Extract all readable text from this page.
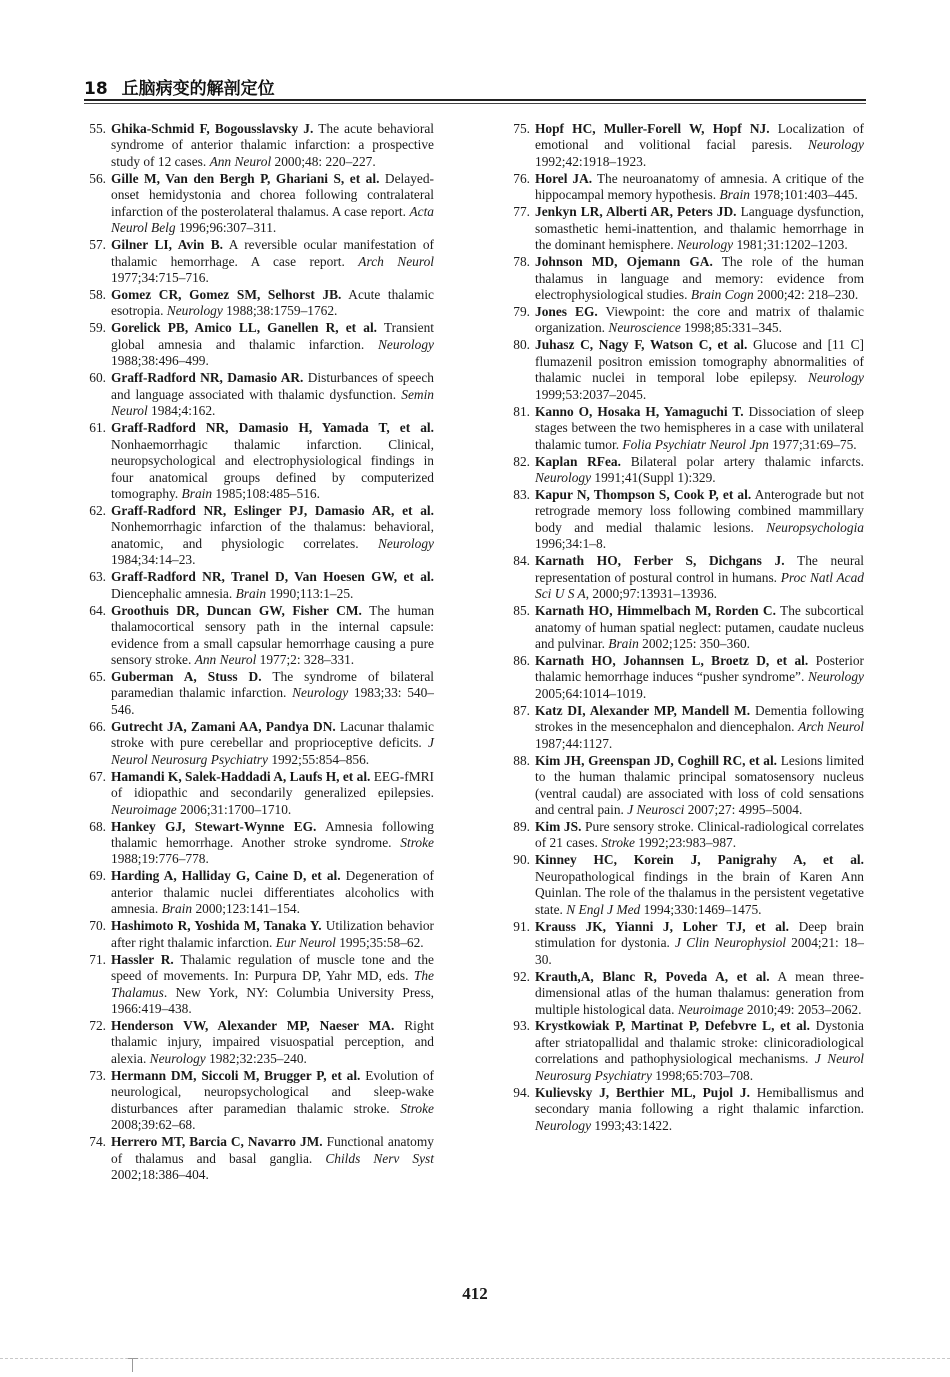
18 丘脑病变的解剖定位
55. Ghika-Schmid F, Bogousslavsky J. The acute behavioral syndrome of anterior thalamic infarction: a prospective study of 12 cases. Ann Neurol 2000;48: 220–227.
56. Gille M, Van den Bergh P, Ghariani S, et al. Delayed-onset hemidystonia and chorea following contralateral infarction of the posterolateral thalamus. A case report. Acta Neurol Belg 1996;96:307–311.
57. Gilner LI, Avin B. A reversible ocular manifestation of thalamic hemorrhage. A case report. Arch Neurol 1977;34:715–716.
58. Gomez CR, Gomez SM, Selhorst JB. Acute thalamic esotropia. Neurology 1988;38:1759–1762.
59. Gorelick PB, Amico LL, Ganellen R, et al. Transient global amnesia and thalamic infarction. Neurology 1988;38:496–499.
60. Graff-Radford NR, Damasio AR. Disturbances of speech and language associated with thalamic dysfunction. Semin Neurol 1984;4:162.
61. Graff-Radford NR, Damasio H, Yamada T, et al. Nonhaemorrhagic thalamic infarction. Clinical, neuropsychological and electrophysiological findings in four anatomical groups defined by computerized tomography. Brain 1985;108:485–516.
62. Graff-Radford NR, Eslinger PJ, Damasio AR, et al. Nonhemorrhagic infarction of the thalamus: behavioral, anatomic, and physiologic correlates. Neurology 1984;34:14–23.
63. Graff-Radford NR, Tranel D, Van Hoesen GW, et al. Diencephalic amnesia. Brain 1990;113:1–25.
64. Groothuis DR, Duncan GW, Fisher CM. The human thalamocortical sensory path in the internal capsule: evidence from a small capsular hemorrhage causing a pure sensory stroke. Ann Neurol 1977;2: 328–331.
65. Guberman A, Stuss D. The syndrome of bilateral paramedian thalamic infarction. Neurology 1983;33: 540–546.
66. Gutrecht JA, Zamani AA, Pandya DN. Lacunar thalamic stroke with pure cerebellar and proprioceptive deficits. J Neurol Neurosurg Psychiatry 1992;55:854–856.
67. Hamandi K, Salek-Haddadi A, Laufs H, et al. EEG-fMRI of idiopathic and secondarily generalized epilepsies. Neuroimage 2006;31:1700–1710.
68. Hankey GJ, Stewart-Wynne EG. Amnesia following thalamic hemorrhage. Another stroke syndrome. Stroke 1988;19:776–778.
69. Harding A, Halliday G, Caine D, et al. Degeneration of anterior thalamic nuclei differentiates alcoholics with amnesia. Brain 2000;123:141–154.
70. Hashimoto R, Yoshida M, Tanaka Y. Utilization behavior after right thalamic infarction. Eur Neurol 1995;35:58–62.
71. Hassler R. Thalamic regulation of muscle tone and the speed of movements. In: Purpura DP, Yahr MD, eds. The Thalamus. New York, NY: Columbia University Press, 1966:419–438.
72. Henderson VW, Alexander MP, Naeser MA. Right thalamic injury, impaired visuospatial perception, and alexia. Neurology 1982;32:235–240.
73. Hermann DM, Siccoli M, Brugger P, et al. Evolution of neurological, neuropsychological and sleep-wake disturbances after paramedian thalamic stroke. Stroke 2008;39:62–68.
74. Herrero MT, Barcia C, Navarro JM. Functional anatomy of thalamus and basal ganglia. Childs Nerv Syst 2002;18:386–404.
75. Hopf HC, Muller-Forell W, Hopf NJ. Localization of emotional and volitional facial paresis. Neurology 1992;42:1918–1923.
76. Horel JA. The neuroanatomy of amnesia. A critique of the hippocampal memory hypothesis. Brain 1978;101:403–445.
77. Jenkyn LR, Alberti AR, Peters JD. Language dysfunction, somasthetic hemi-inattention, and thalamic hemorrhage in the dominant hemisphere. Neurology 1981;31:1202–1203.
78. Johnson MD, Ojemann GA. The role of the human thalamus in language and memory: evidence from electrophysiological studies. Brain Cogn 2000;42: 218–230.
79. Jones EG. Viewpoint: the core and matrix of thalamic organization. Neuroscience 1998;85:331–345.
80. Juhasz C, Nagy F, Watson C, et al. Glucose and [11 C] flumazenil positron emission tomography abnormalities of thalamic nuclei in temporal lobe epilepsy. Neurology 1999;53:2037–2045.
81. Kanno O, Hosaka H, Yamaguchi T. Dissociation of sleep stages between the two hemispheres in a case with unilateral thalamic tumor. Folia Psychiatr Neurol Jpn 1977;31:69–75.
82. Kaplan RFea. Bilateral polar artery thalamic infarcts. Neurology 1991;41(Suppl 1):329.
83. Kapur N, Thompson S, Cook P, et al. Anterograde but not retrograde memory loss following combined mammillary body and medial thalamic lesions. Neuropsychologia 1996;34:1–8.
84. Karnath HO, Ferber S, Dichgans J. The neural representation of postural control in humans. Proc Natl Acad Sci U S A, 2000;97:13931–13936.
85. Karnath HO, Himmelbach M, Rorden C. The subcortical anatomy of human spatial neglect: putamen, caudate nucleus and pulvinar. Brain 2002;125: 350–360.
86. Karnath HO, Johannsen L, Broetz D, et al. Posterior thalamic hemorrhage induces “pusher syndrome”. Neurology 2005;64:1014–1019.
87. Katz DI, Alexander MP, Mandell M. Dementia following strokes in the mesencephalon and diencephalon. Arch Neurol 1987;44:1127.
88. Kim JH, Greenspan JD, Coghill RC, et al. Lesions limited to the human thalamic principal somatosensory nucleus (ventral caudal) are associated with loss of cold sensations and central pain. J Neurosci 2007;27: 4995–5004.
89. Kim JS. Pure sensory stroke. Clinical-radiological correlates of 21 cases. Stroke 1992;23:983–987.
90. Kinney HC, Korein J, Panigrahy A, et al. Neuropathological findings in the brain of Karen Ann Quinlan. The role of the thalamus in the persistent vegetative state. N Engl J Med 1994;330:1469–1475.
91. Krauss JK, Yianni J, Loher TJ, et al. Deep brain stimulation for dystonia. J Clin Neurophysiol 2004;21: 18–30.
92. Krauth,A, Blanc R, Poveda A, et al. A mean three-dimensional atlas of the human thalamus: generation from multiple histological data. Neuroimage 2010;49: 2053–2062.
93. Krystkowiak P, Martinat P, Defebvre L, et al. Dystonia after striatopallidal and thalamic stroke: clinicoradiological correlations and pathophysiological mechanisms. J Neurol Neurosurg Psychiatry 1998;65:703–708.
94. Kulievsky J, Berthier ML, Pujol J. Hemiballismus and secondary mania following a right thalamic infarction. Neurology 1993;43:1422.
412
